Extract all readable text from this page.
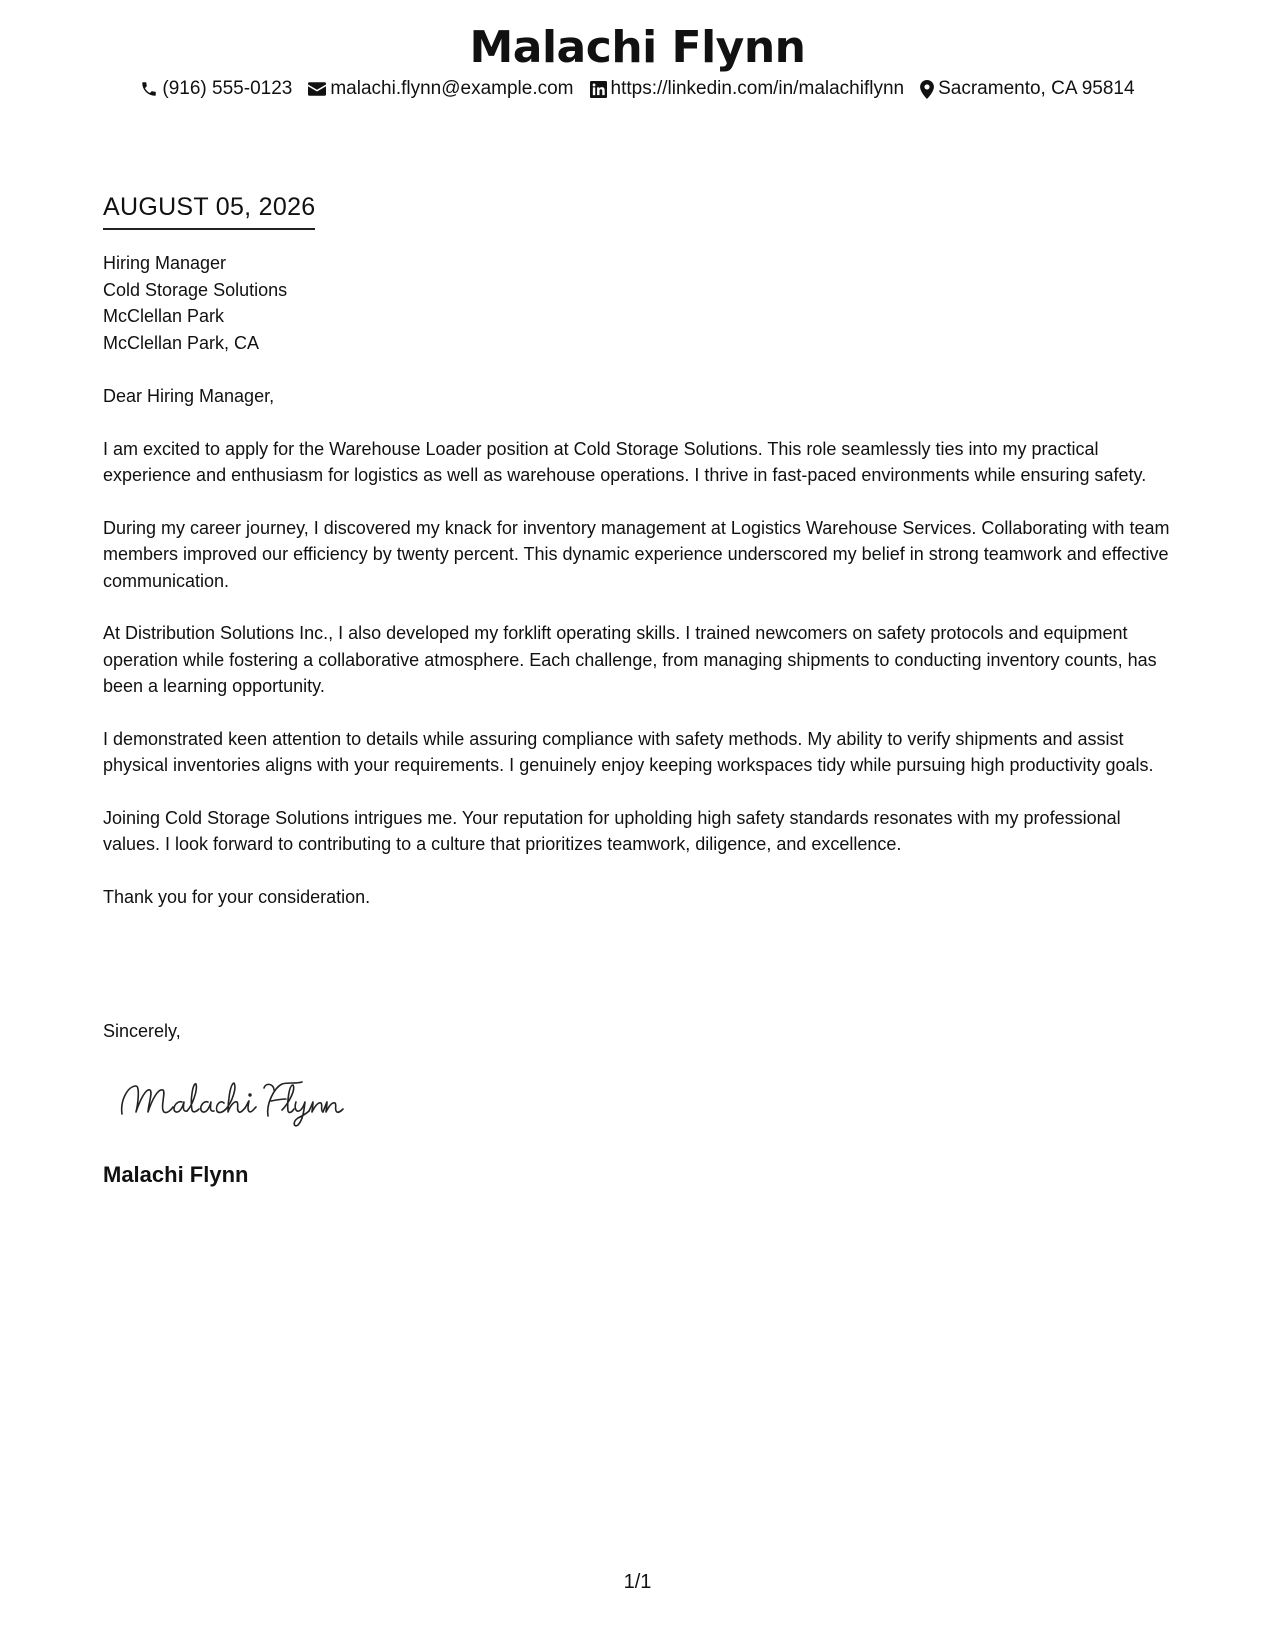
Malachi Flynn
(916) 555-0123 malachi.flynn@example.com https://linkedin.com/in/malachiflynn Sacramento, CA 95814
AUGUST 05, 2026
Hiring Manager
Cold Storage Solutions
McClellan Park
McClellan Park, CA

Dear Hiring Manager,

I am excited to apply for the Warehouse Loader position at Cold Storage Solutions. This role seamlessly ties into my practical experience and enthusiasm for logistics as well as warehouse operations. I thrive in fast-paced environments while ensuring safety.

During my career journey, I discovered my knack for inventory management at Logistics Warehouse Services. Collaborating with team members improved our efficiency by twenty percent. This dynamic experience underscored my belief in strong teamwork and effective communication.

At Distribution Solutions Inc., I also developed my forklift operating skills. I trained newcomers on safety protocols and equipment operation while fostering a collaborative atmosphere. Each challenge, from managing shipments to conducting inventory counts, has been a learning opportunity.

I demonstrated keen attention to details while assuring compliance with safety methods. My ability to verify shipments and assist physical inventories aligns with your requirements. I genuinely enjoy keeping workspaces tidy while pursuing high productivity goals.

Joining Cold Storage Solutions intrigues me. Your reputation for upholding high safety standards resonates with my professional values. I look forward to contributing to a culture that prioritizes teamwork, diligence, and excellence.

Thank you for your consideration.

Sincerely,
Malachi Flynn
1/1
